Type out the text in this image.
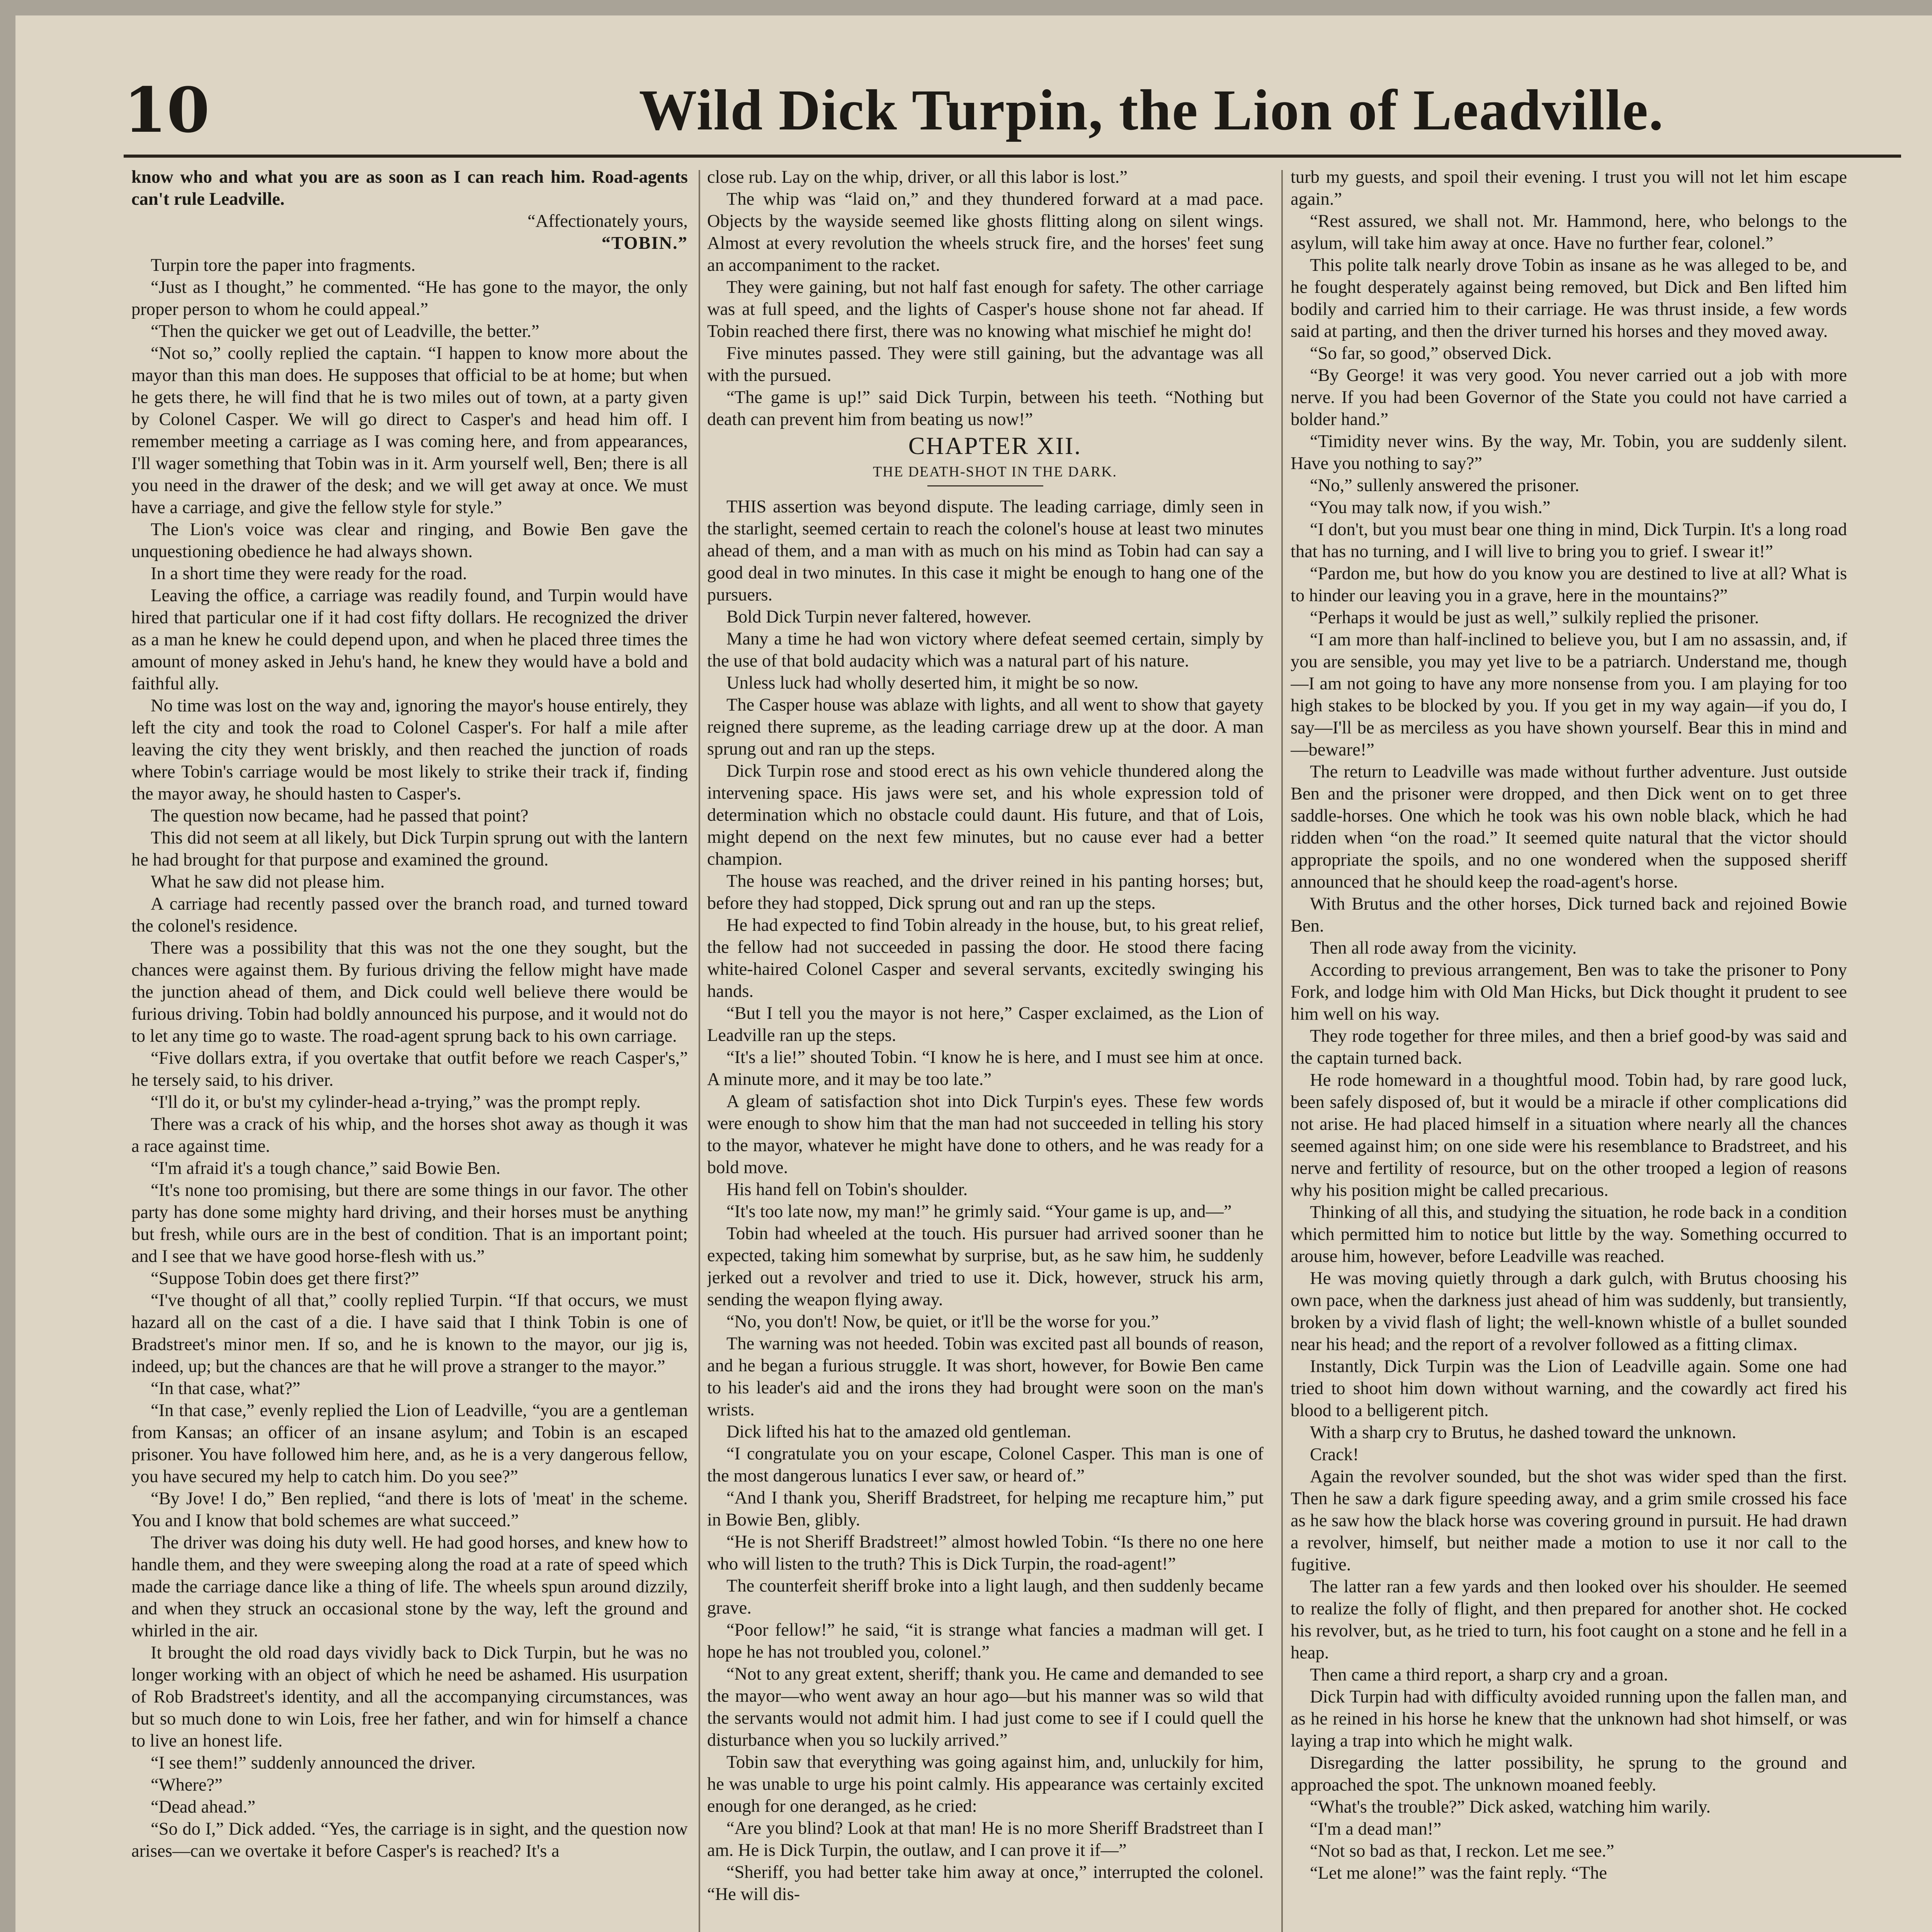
10	Wild Dick Turpin, the Lion of Leadville.

know who and what you are as soon as I can reach him. Road-agents can't rule Leadville.

“Affectionately yours,

“TOBIN.”

Turpin tore the paper into fragments.

“Just as I thought,” he commented. “He has gone to the mayor, the only proper person to whom he could appeal.”

“Then the quicker we get out of Leadville, the better.”

“Not so,” coolly replied the captain. “I happen to know more about the mayor than this man does. He supposes that official to be at home; but when he gets there, he will find that he is two miles out of town, at a party given by Colonel Casper. We will go direct to Casper's and head him off. I remember meeting a carriage as I was coming here, and from appearances, I'll wager something that Tobin was in it. Arm yourself well, Ben; there is all you need in the drawer of the desk; and we will get away at once. We must have a carriage, and give the fellow style for style.”

The Lion's voice was clear and ringing, and Bowie Ben gave the unquestioning obedience he had always shown.

In a short time they were ready for the road.

Leaving the office, a carriage was readily found, and Turpin would have hired that particular one if it had cost fifty dollars. He recognized the driver as a man he knew he could depend upon, and when he placed three times the amount of money asked in Jehu's hand, he knew they would have a bold and faithful ally.

No time was lost on the way and, ignoring the mayor's house entirely, they left the city and took the road to Colonel Casper's. For half a mile after leaving the city they went briskly, and then reached the junction of roads where Tobin's carriage would be most likely to strike their track if, finding the mayor away, he should hasten to Casper's.

The question now became, had he passed that point?

This did not seem at all likely, but Dick Turpin sprung out with the lantern he had brought for that purpose and examined the ground.

What he saw did not please him.

A carriage had recently passed over the branch road, and turned toward the colonel's residence.

There was a possibility that this was not the one they sought, but the chances were against them. By furious driving the fellow might have made the junction ahead of them, and Dick could well believe there would be furious driving. Tobin had boldly announced his purpose, and it would not do to let any time go to waste. The road-agent sprung back to his own carriage.

“Five dollars extra, if you overtake that outfit before we reach Casper's,” he tersely said, to his driver.

“I'll do it, or bu'st my cylinder-head a-trying,” was the prompt reply.

There was a crack of his whip, and the horses shot away as though it was a race against time.

“I'm afraid it's a tough chance,” said Bowie Ben.

“It's none too promising, but there are some things in our favor. The other party has done some mighty hard driving, and their horses must be anything but fresh, while ours are in the best of condition. That is an important point; and I see that we have good horse-flesh with us.”

“Suppose Tobin does get there first?”

“I've thought of all that,” coolly replied Turpin. “If that occurs, we must hazard all on the cast of a die. I have said that I think Tobin is one of Bradstreet's minor men. If so, and he is known to the mayor, our jig is, indeed, up; but the chances are that he will prove a stranger to the mayor.”

“In that case, what?”

“In that case,” evenly replied the Lion of Leadville, “you are a gentleman from Kansas; an officer of an insane asylum; and Tobin is an escaped prisoner. You have followed him here, and, as he is a very dangerous fellow, you have secured my help to catch him. Do you see?”

“By Jove! I do,” Ben replied, “and there is lots of 'meat' in the scheme. You and I know that bold schemes are what succeed.”

The driver was doing his duty well. He had good horses, and knew how to handle them, and they were sweeping along the road at a rate of speed which made the carriage dance like a thing of life. The wheels spun around dizzily, and when they struck an occasional stone by the way, left the ground and whirled in the air.

It brought the old road days vividly back to Dick Turpin, but he was no longer working with an object of which he need be ashamed. His usurpation of Rob Bradstreet's identity, and all the accompanying circumstances, was but so much done to win Lois, free her father, and win for himself a chance to live an honest life.

“I see them!” suddenly announced the driver.

“Where?”

“Dead ahead.”

“So do I,” Dick added. “Yes, the carriage is in sight, and the question now arises—can we overtake it before Casper's is reached? It's a

close rub. Lay on the whip, driver, or all this labor is lost.”

The whip was “laid on,” and they thundered forward at a mad pace. Objects by the wayside seemed like ghosts flitting along on silent wings. Almost at every revolution the wheels struck fire, and the horses' feet sung an accompaniment to the racket.

They were gaining, but not half fast enough for safety. The other carriage was at full speed, and the lights of Casper's house shone not far ahead. If Tobin reached there first, there was no knowing what mischief he might do!

Five minutes passed. They were still gaining, but the advantage was all with the pursued.

“The game is up!” said Dick Turpin, between his teeth. “Nothing but death can prevent him from beating us now!”

CHAPTER XII.

THE DEATH-SHOT IN THE DARK.

THIS assertion was beyond dispute. The leading carriage, dimly seen in the starlight, seemed certain to reach the colonel's house at least two minutes ahead of them, and a man with as much on his mind as Tobin had can say a good deal in two minutes. In this case it might be enough to hang one of the pursuers.

Bold Dick Turpin never faltered, however.

Many a time he had won victory where defeat seemed certain, simply by the use of that bold audacity which was a natural part of his nature.

Unless luck had wholly deserted him, it might be so now.

The Casper house was ablaze with lights, and all went to show that gayety reigned there supreme, as the leading carriage drew up at the door. A man sprung out and ran up the steps.

Dick Turpin rose and stood erect as his own vehicle thundered along the intervening space. His jaws were set, and his whole expression told of determination which no obstacle could daunt. His future, and that of Lois, might depend on the next few minutes, but no cause ever had a better champion.

The house was reached, and the driver reined in his panting horses; but, before they had stopped, Dick sprung out and ran up the steps.

He had expected to find Tobin already in the house, but, to his great relief, the fellow had not succeeded in passing the door. He stood there facing white-haired Colonel Casper and several servants, excitedly swinging his hands.

“But I tell you the mayor is not here,” Casper exclaimed, as the Lion of Leadville ran up the steps.

“It's a lie!” shouted Tobin. “I know he is here, and I must see him at once. A minute more, and it may be too late.”

A gleam of satisfaction shot into Dick Turpin's eyes. These few words were enough to show him that the man had not succeeded in telling his story to the mayor, whatever he might have done to others, and he was ready for a bold move.

His hand fell on Tobin's shoulder.

“It's too late now, my man!” he grimly said. “Your game is up, and—”

Tobin had wheeled at the touch. His pursuer had arrived sooner than he expected, taking him somewhat by surprise, but, as he saw him, he suddenly jerked out a revolver and tried to use it. Dick, however, struck his arm, sending the weapon flying away.

“No, you don't! Now, be quiet, or it'll be the worse for you.”

The warning was not heeded. Tobin was excited past all bounds of reason, and he began a furious struggle. It was short, however, for Bowie Ben came to his leader's aid and the irons they had brought were soon on the man's wrists.

Dick lifted his hat to the amazed old gentleman.

“I congratulate you on your escape, Colonel Casper. This man is one of the most dangerous lunatics I ever saw, or heard of.”

“And I thank you, Sheriff Bradstreet, for helping me recapture him,” put in Bowie Ben, glibly.

“He is not Sheriff Bradstreet!” almost howled Tobin. “Is there no one here who will listen to the truth? This is Dick Turpin, the road-agent!”

The counterfeit sheriff broke into a light laugh, and then suddenly became grave.

“Poor fellow!” he said, “it is strange what fancies a madman will get. I hope he has not troubled you, colonel.”

“Not to any great extent, sheriff; thank you. He came and demanded to see the mayor—who went away an hour ago—but his manner was so wild that the servants would not admit him. I had just come to see if I could quell the disturbance when you so luckily arrived.”

Tobin saw that everything was going against him, and, unluckily for him, he was unable to urge his point calmly. His appearance was certainly excited enough for one deranged, as he cried:

“Are you blind? Look at that man! He is no more Sheriff Bradstreet than I am. He is Dick Turpin, the outlaw, and I can prove it if—”

“Sheriff, you had better take him away at once,” interrupted the colonel. “He will dis-

turb my guests, and spoil their evening. I trust you will not let him escape again.”

“Rest assured, we shall not. Mr. Hammond, here, who belongs to the asylum, will take him away at once. Have no further fear, colonel.”

This polite talk nearly drove Tobin as insane as he was alleged to be, and he fought desperately against being removed, but Dick and Ben lifted him bodily and carried him to their carriage. He was thrust inside, a few words said at parting, and then the driver turned his horses and they moved away.

“So far, so good,” observed Dick.

“By George! it was very good. You never carried out a job with more nerve. If you had been Governor of the State you could not have carried a bolder hand.”

“Timidity never wins. By the way, Mr. Tobin, you are suddenly silent. Have you nothing to say?”

“No,” sullenly answered the prisoner.

“You may talk now, if you wish.”

“I don't, but you must bear one thing in mind, Dick Turpin. It's a long road that has no turning, and I will live to bring you to grief. I swear it!”

“Pardon me, but how do you know you are destined to live at all? What is to hinder our leaving you in a grave, here in the mountains?”

“Perhaps it would be just as well,” sulkily replied the prisoner.

“I am more than half-inclined to believe you, but I am no assassin, and, if you are sensible, you may yet live to be a patriarch. Understand me, though—I am not going to have any more nonsense from you. I am playing for too high stakes to be blocked by you. If you get in my way again—if you do, I say—I'll be as merciless as you have shown yourself. Bear this in mind and—beware!”

The return to Leadville was made without further adventure. Just outside Ben and the prisoner were dropped, and then Dick went on to get three saddle-horses. One which he took was his own noble black, which he had ridden when “on the road.” It seemed quite natural that the victor should appropriate the spoils, and no one wondered when the supposed sheriff announced that he should keep the road-agent's horse.

With Brutus and the other horses, Dick turned back and rejoined Bowie Ben.

Then all rode away from the vicinity.

According to previous arrangement, Ben was to take the prisoner to Pony Fork, and lodge him with Old Man Hicks, but Dick thought it prudent to see him well on his way.

They rode together for three miles, and then a brief good-by was said and the captain turned back.

He rode homeward in a thoughtful mood. Tobin had, by rare good luck, been safely disposed of, but it would be a miracle if other complications did not arise. He had placed himself in a situation where nearly all the chances seemed against him; on one side were his resemblance to Bradstreet, and his nerve and fertility of resource, but on the other trooped a legion of reasons why his position might be called precarious.

Thinking of all this, and studying the situation, he rode back in a condition which permitted him to notice but little by the way. Something occurred to arouse him, however, before Leadville was reached.

He was moving quietly through a dark gulch, with Brutus choosing his own pace, when the darkness just ahead of him was suddenly, but transiently, broken by a vivid flash of light; the well-known whistle of a bullet sounded near his head; and the report of a revolver followed as a fitting climax.

Instantly, Dick Turpin was the Lion of Leadville again. Some one had tried to shoot him down without warning, and the cowardly act fired his blood to a belligerent pitch.

With a sharp cry to Brutus, he dashed toward the unknown.

Crack!

Again the revolver sounded, but the shot was wider sped than the first. Then he saw a dark figure speeding away, and a grim smile crossed his face as he saw how the black horse was covering ground in pursuit. He had drawn a revolver, himself, but neither made a motion to use it nor call to the fugitive.

The latter ran a few yards and then looked over his shoulder. He seemed to realize the folly of flight, and then prepared for another shot. He cocked his revolver, but, as he tried to turn, his foot caught on a stone and he fell in a heap.

Then came a third report, a sharp cry and a groan.

Dick Turpin had with difficulty avoided running upon the fallen man, and as he reined in his horse he knew that the unknown had shot himself, or was laying a trap into which he might walk.

Disregarding the latter possibility, he sprung to the ground and approached the spot. The unknown moaned feebly.

“What's the trouble?” Dick asked, watching him warily.

“I'm a dead man!”

“Not so bad as that, I reckon. Let me see.”

“Let me alone!” was the faint reply. “The
